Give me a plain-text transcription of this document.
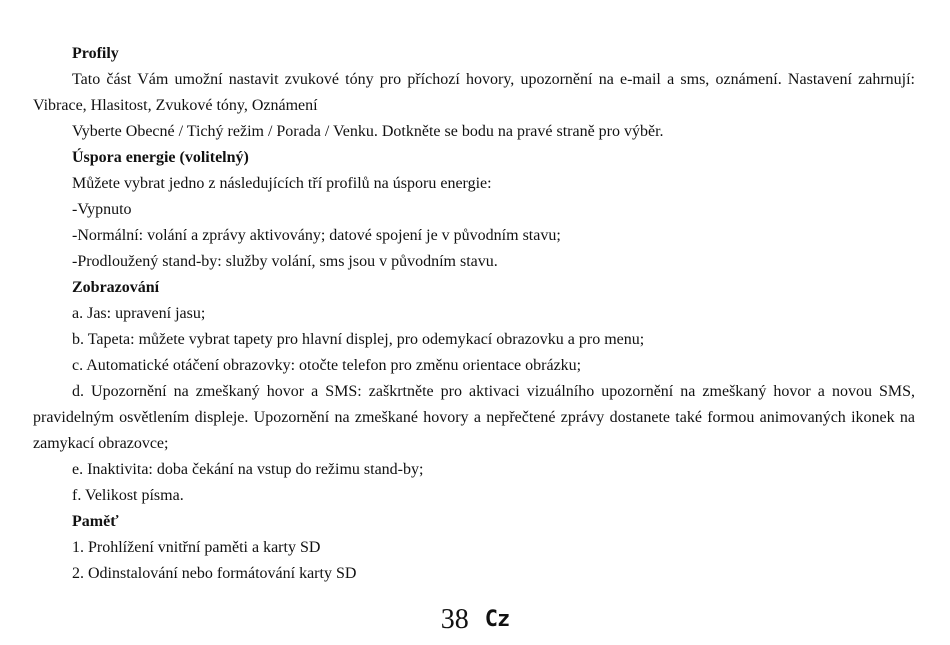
Profily

Tato část Vám umožní nastavit zvukové tóny pro příchozí hovory, upozornění na e-mail a sms, oznámení. Nastavení zahrnují: Vibrace, Hlasitost, Zvukové tóny, Oznámení

Vyberte Obecné / Tichý režim / Porada / Venku. Dotkněte se bodu na pravé straně pro výběr.

Úspora energie (volitelný)

Můžete vybrat jedno z následujících tří profilů na úsporu energie:

-Vypnuto

-Normální: volání a zprávy aktivovány; datové spojení je v původním stavu;

-Prodloužený stand-by: služby volání, sms jsou v původním stavu.

Zobrazování

a. Jas: upravení jasu;

b. Tapeta: můžete vybrat tapety pro hlavní displej, pro odemykací obrazovku a pro menu;

c. Automatické otáčení obrazovky: otočte telefon pro změnu orientace obrázku;

d. Upozornění na zmeškaný hovor a SMS: zaškrtněte pro aktivaci vizuálního upozornění na zmeškaný hovor a novou SMS, pravidelným osvětlením displeje. Upozornění na zmeškané hovory a nepřečtené zprávy dostanete také formou animovaných ikonek na zamykací obrazovce;

e. Inaktivita: doba čekání na vstup do režimu stand-by;

f. Velikost písma.

Paměť

1. Prohlížení vnitřní paměti a karty SD

2. Odinstalování nebo formátování karty SD

38 Cz
